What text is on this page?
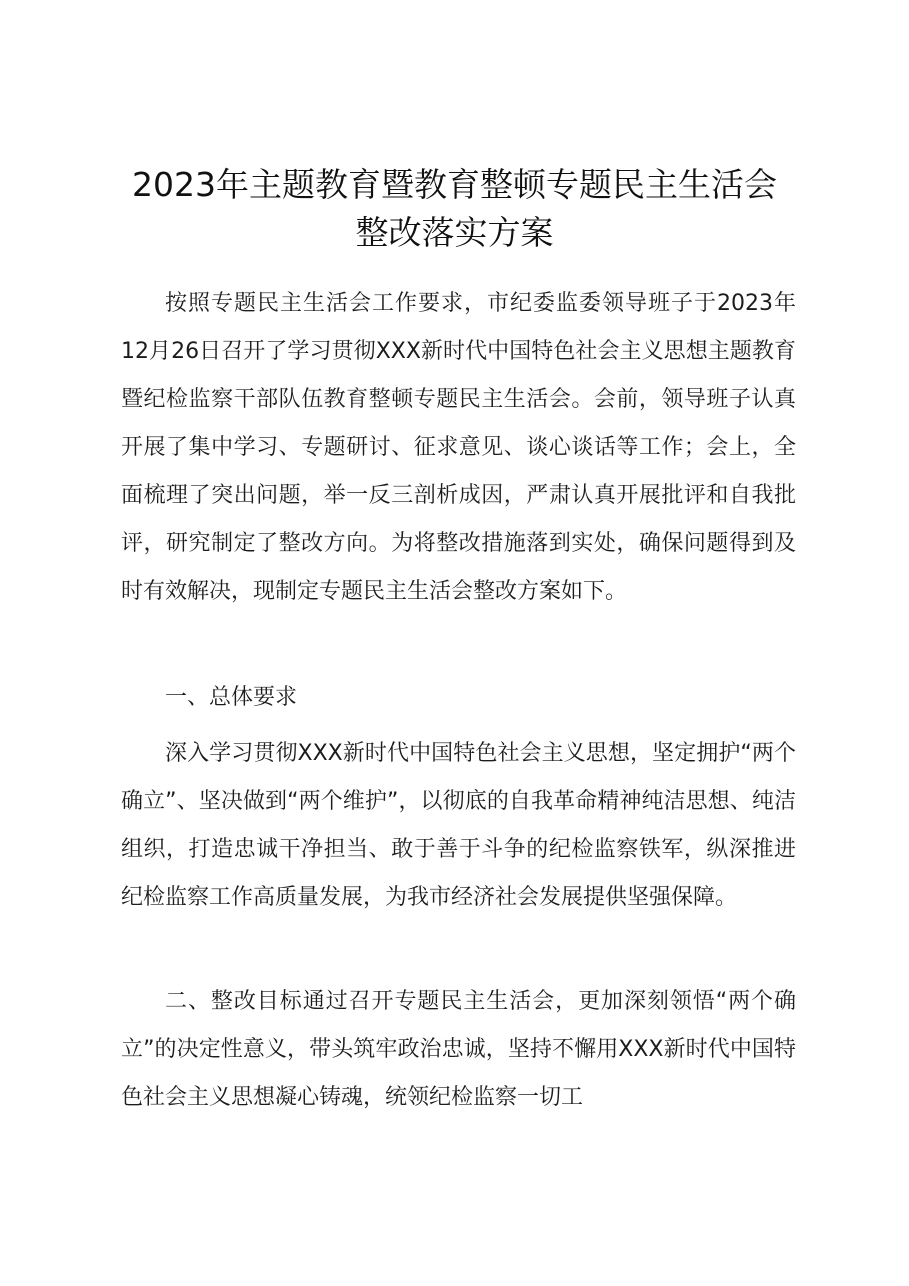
2023年主题教育暨教育整顿专题民主生活会
整改落实方案

按照专题民主生活会工作要求，市纪委监委领导班子于2023年12月26日召开了学习贯彻XXX新时代中国特色社会主义思想主题教育暨纪检监察干部队伍教育整顿专题民主生活会。会前，领导班子认真开展了集中学习、专题研讨、征求意见、谈心谈话等工作；会上，全面梳理了突出问题，举一反三剖析成因，严肃认真开展批评和自我批评，研究制定了整改方向。为将整改措施落到实处，确保问题得到及时有效解决，现制定专题民主生活会整改方案如下。

一、总体要求

深入学习贯彻XXX新时代中国特色社会主义思想，坚定拥护“两个确立”、坚决做到“两个维护”，以彻底的自我革命精神纯洁思想、纯洁组织，打造忠诚干净担当、敢于善于斗争的纪检监察铁军，纵深推进纪检监察工作高质量发展，为我市经济社会发展提供坚强保障。

二、整改目标通过召开专题民主生活会，更加深刻领悟“两个确立”的决定性意义，带头筑牢政治忠诚，坚持不懈用XXX新时代中国特色社会主义思想凝心铸魂，统领纪检监察一切工
